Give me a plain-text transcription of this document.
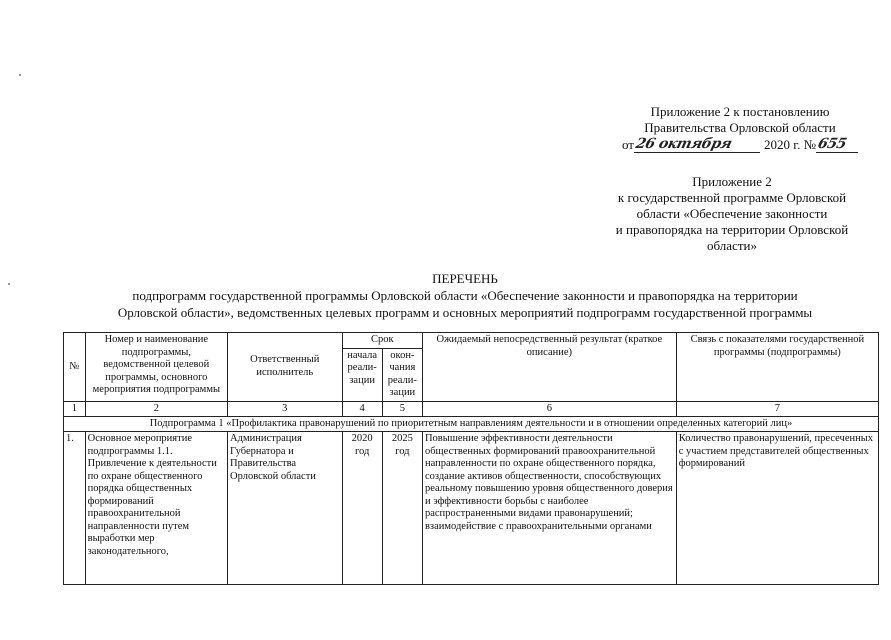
Приложение 2 к постановлению
Правительства Орловской области
от 26 октября	2020 г. № 655
Приложение 2
к государственной программе Орловской
области «Обеспечение законности
и правопорядка на территории Орловской
области»
ПЕРЕЧЕНЬ
подпрограмм государственной программы Орловской области «Обеспечение законности и правопорядка на территории
Орловской области», ведомственных целевых программ и основных мероприятий подпрограмм государственной программы
№	Номер и наименование подпрограммы, ведомственной целевой программы, основного мероприятия подпрограммы	Ответственный исполнитель	Срок		Ожидаемый непосредственный результат (краткое описание)	Связь с показателями государственной программы (подпрограммы)
			начала реали-зации	окон-чания реали-зации		
1	2	3	4	5	6	7
Подпрограмма 1 «Профилактика правонарушений по приоритетным направлениям деятельности и в отношении определенных категорий лиц»						
1.	Основное мероприятие подпрограммы 1.1. Привлечение к деятельности по охране общественного порядка общественных формирований правоохранительной направленности путем выработки мер законодательного,	Администрация Губернатора и Правительства Орловской области	2020 год	2025 год	Повышение эффективности деятельности общественных формирований правоохранительной направленности по охране общественного порядка, создание активов общественности, способствующих реальному повышению уровня общественного доверия и эффективности борьбы с наиболее распространенными видами правонарушений; взаимодействие с правоохранительными органами	Количество правонарушений, пресеченных с участием представителей общественных формирований
